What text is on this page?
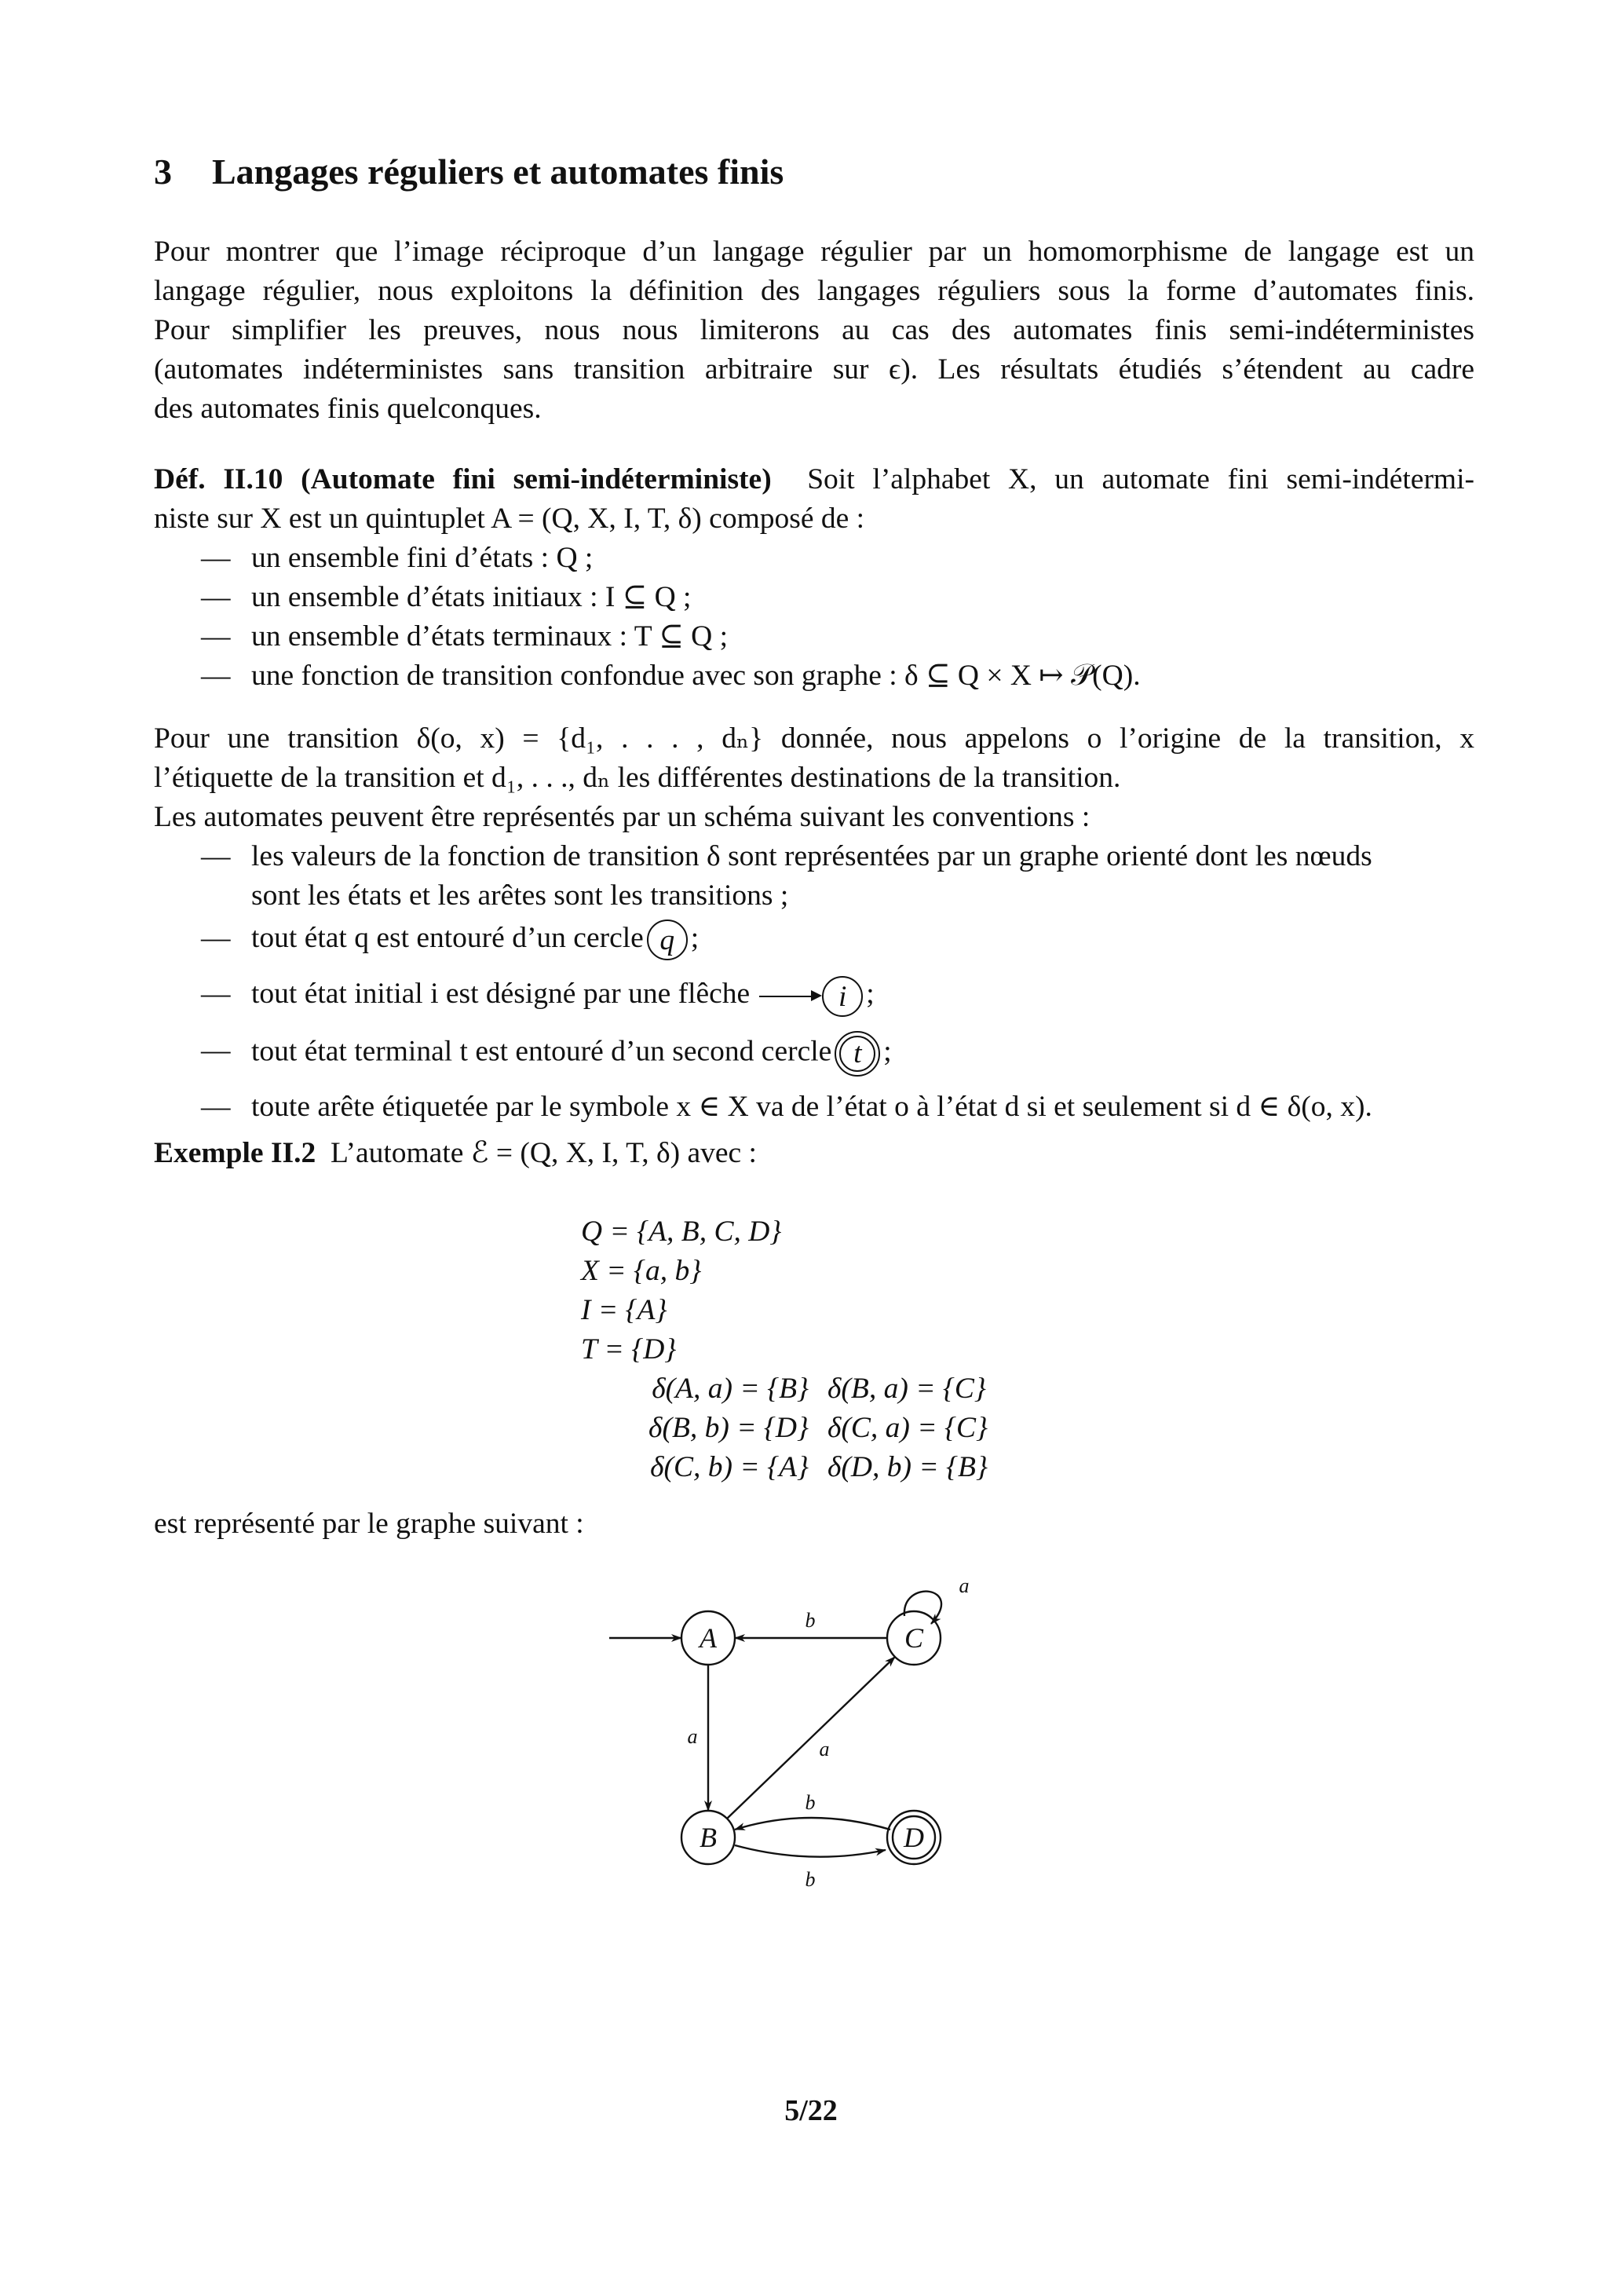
3 Langages réguliers et automates finis
Pour montrer que l’image réciproque d’un langage régulier par un homomorphisme de langage est un
langage régulier, nous exploitons la définition des langages réguliers sous la forme d’automates finis.
Pour simplifier les preuves, nous nous limiterons au cas des automates finis semi-indéterministes
(automates indéterministes sans transition arbitraire sur ϵ). Les résultats étudiés s’étendent au cadre
des automates finis quelconques.
Déf. II.10 (Automate fini semi-indéterministe) Soit l’alphabet X, un automate fini semi-indétermi-
niste sur X est un quintuplet A = (Q, X, I, T, δ) composé de :
— un ensemble fini d’états : Q ;
— un ensemble d’états initiaux : I ⊆ Q ;
— un ensemble d’états terminaux : T ⊆ Q ;
— une fonction de transition confondue avec son graphe : δ ⊆ Q × X ↦ 𝒫(Q).
Pour une transition δ(o, x) = {d₁, . . . , dₙ} donnée, nous appelons o l’origine de la transition, x
l’étiquette de la transition et d₁, . . ., dₙ les différentes destinations de la transition.
Les automates peuvent être représentés par un schéma suivant les conventions :
— les valeurs de la fonction de transition δ sont représentées par un graphe orienté dont les nœuds
sont les états et les arêtes sont les transitions ;
— tout état q est entouré d’un cercle q ;
— tout état initial i est désigné par une flêche	i ;
— tout état terminal t est entouré d’un second cercle t ;
— toute arête étiquetée par le symbole x ∈ X va de l’état o à l’état d si et seulement si d ∈ δ(o, x).
Exemple II.2 L’automate ℰ = (Q, X, I, T, δ) avec :
Q = {A, B, C, D}
X = {a, b}
I = {A}
T = {D}
δ(A, a) = {B} δ(B, a) = {C}
δ(B, b) = {D} δ(C, a) = {C}
δ(C, b) = {A} δ(D, b) = {B}
est représenté par le graphe suivant :
A
B
C
D
b
a
a
b
b
a
5/22
